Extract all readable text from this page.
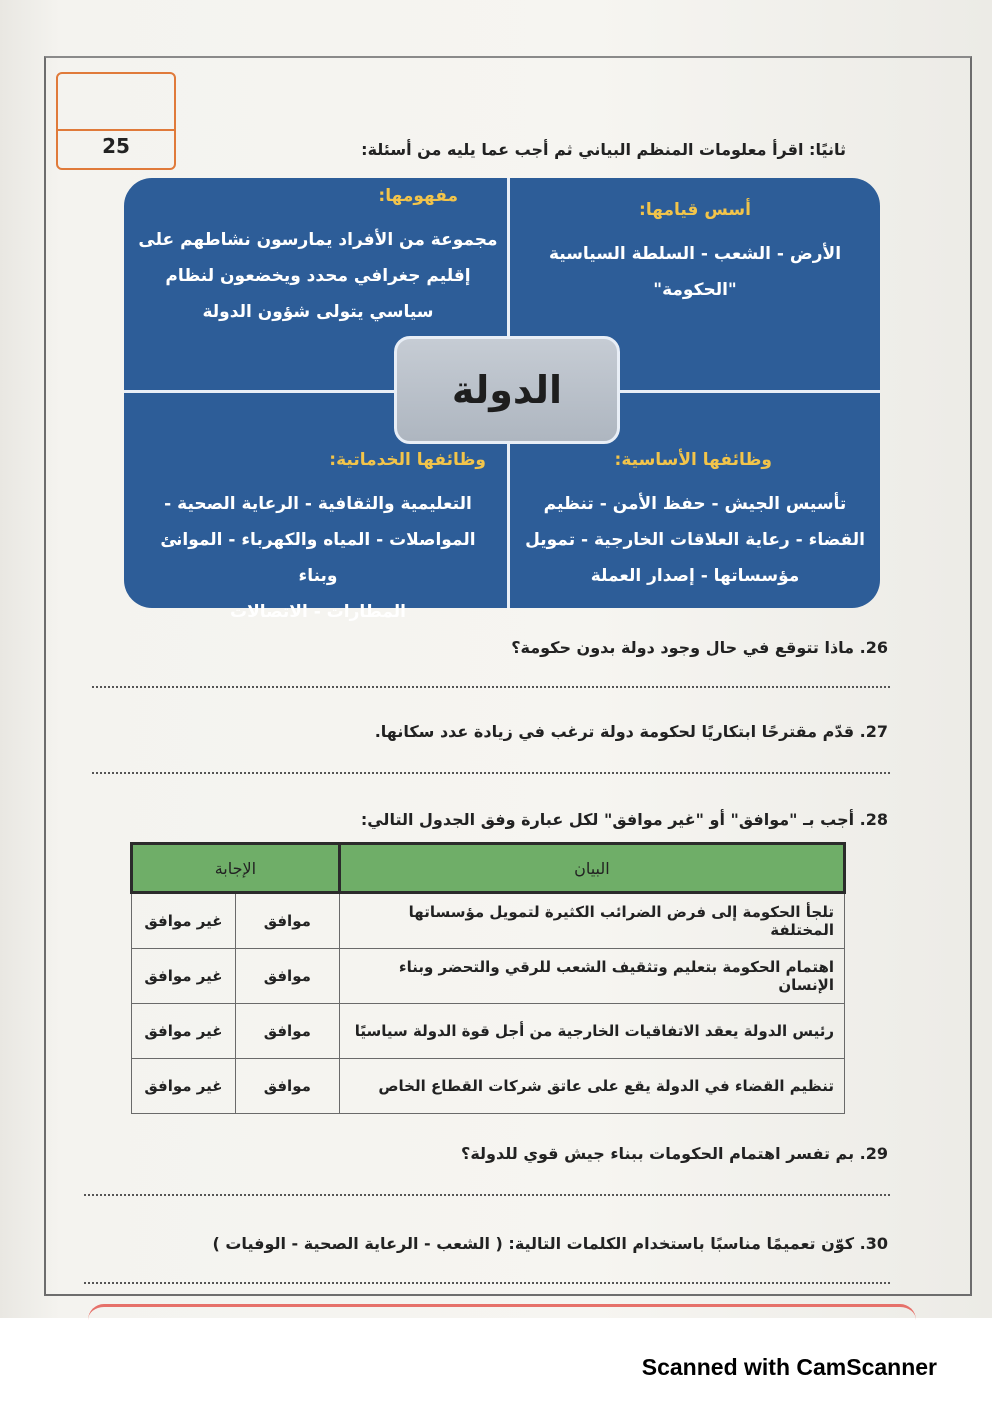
25	ثانيًا: اقرأ معلومات المنظم البياني ثم أجب عما يليه من أسئلة:
أسس قيامها:
الأرض - الشعب - السلطة السياسية
"الحكومة"
مفهومها:
مجموعة من الأفراد يمارسون نشاطهم على
إقليم جغرافي محدد ويخضعون لنظام
سياسي يتولى شؤون الدولة
وظائفها الأساسية:
تأسيس الجيش - حفظ الأمن - تنظيم
القضاء - رعاية العلاقات الخارجية - تمويل
مؤسساتها - إصدار العملة
وظائفها الخدماتية:
التعليمية والثقافية - الرعاية الصحية -
المواصلات - المياه والكهرباء - الموانئ وبناء
المطارات - الاتصالات
الدولة
26. ماذا تتوقع في حال وجود دولة بدون حكومة؟
27. قدّم مقترحًا ابتكاريًا لحكومة دولة ترغب في زيادة عدد سكانها.
28. أجب بـ "موافق" أو "غير موافق" لكل عبارة وفق الجدول التالي:
البيان	الإجابة	
تلجأ الحكومة إلى فرض الضرائب الكثيرة لتمويل مؤسساتها المختلفة	موافق	غير موافق
اهتمام الحكومة بتعليم وتثقيف الشعب للرقي والتحضر وبناء الإنسان	موافق	غير موافق
رئيس الدولة يعقد الاتفاقيات الخارجية من أجل قوة الدولة سياسيًا	موافق	غير موافق
تنظيم القضاء في الدولة يقع على عاتق شركات القطاع الخاص	موافق	غير موافق
29. بم تفسر اهتمام الحكومات ببناء جيش قوي للدولة؟
30. كوّن تعميمًا مناسبًا باستخدام الكلمات التالية: ( الشعب - الرعاية الصحية - الوفيات )
Scanned with CamScanner
